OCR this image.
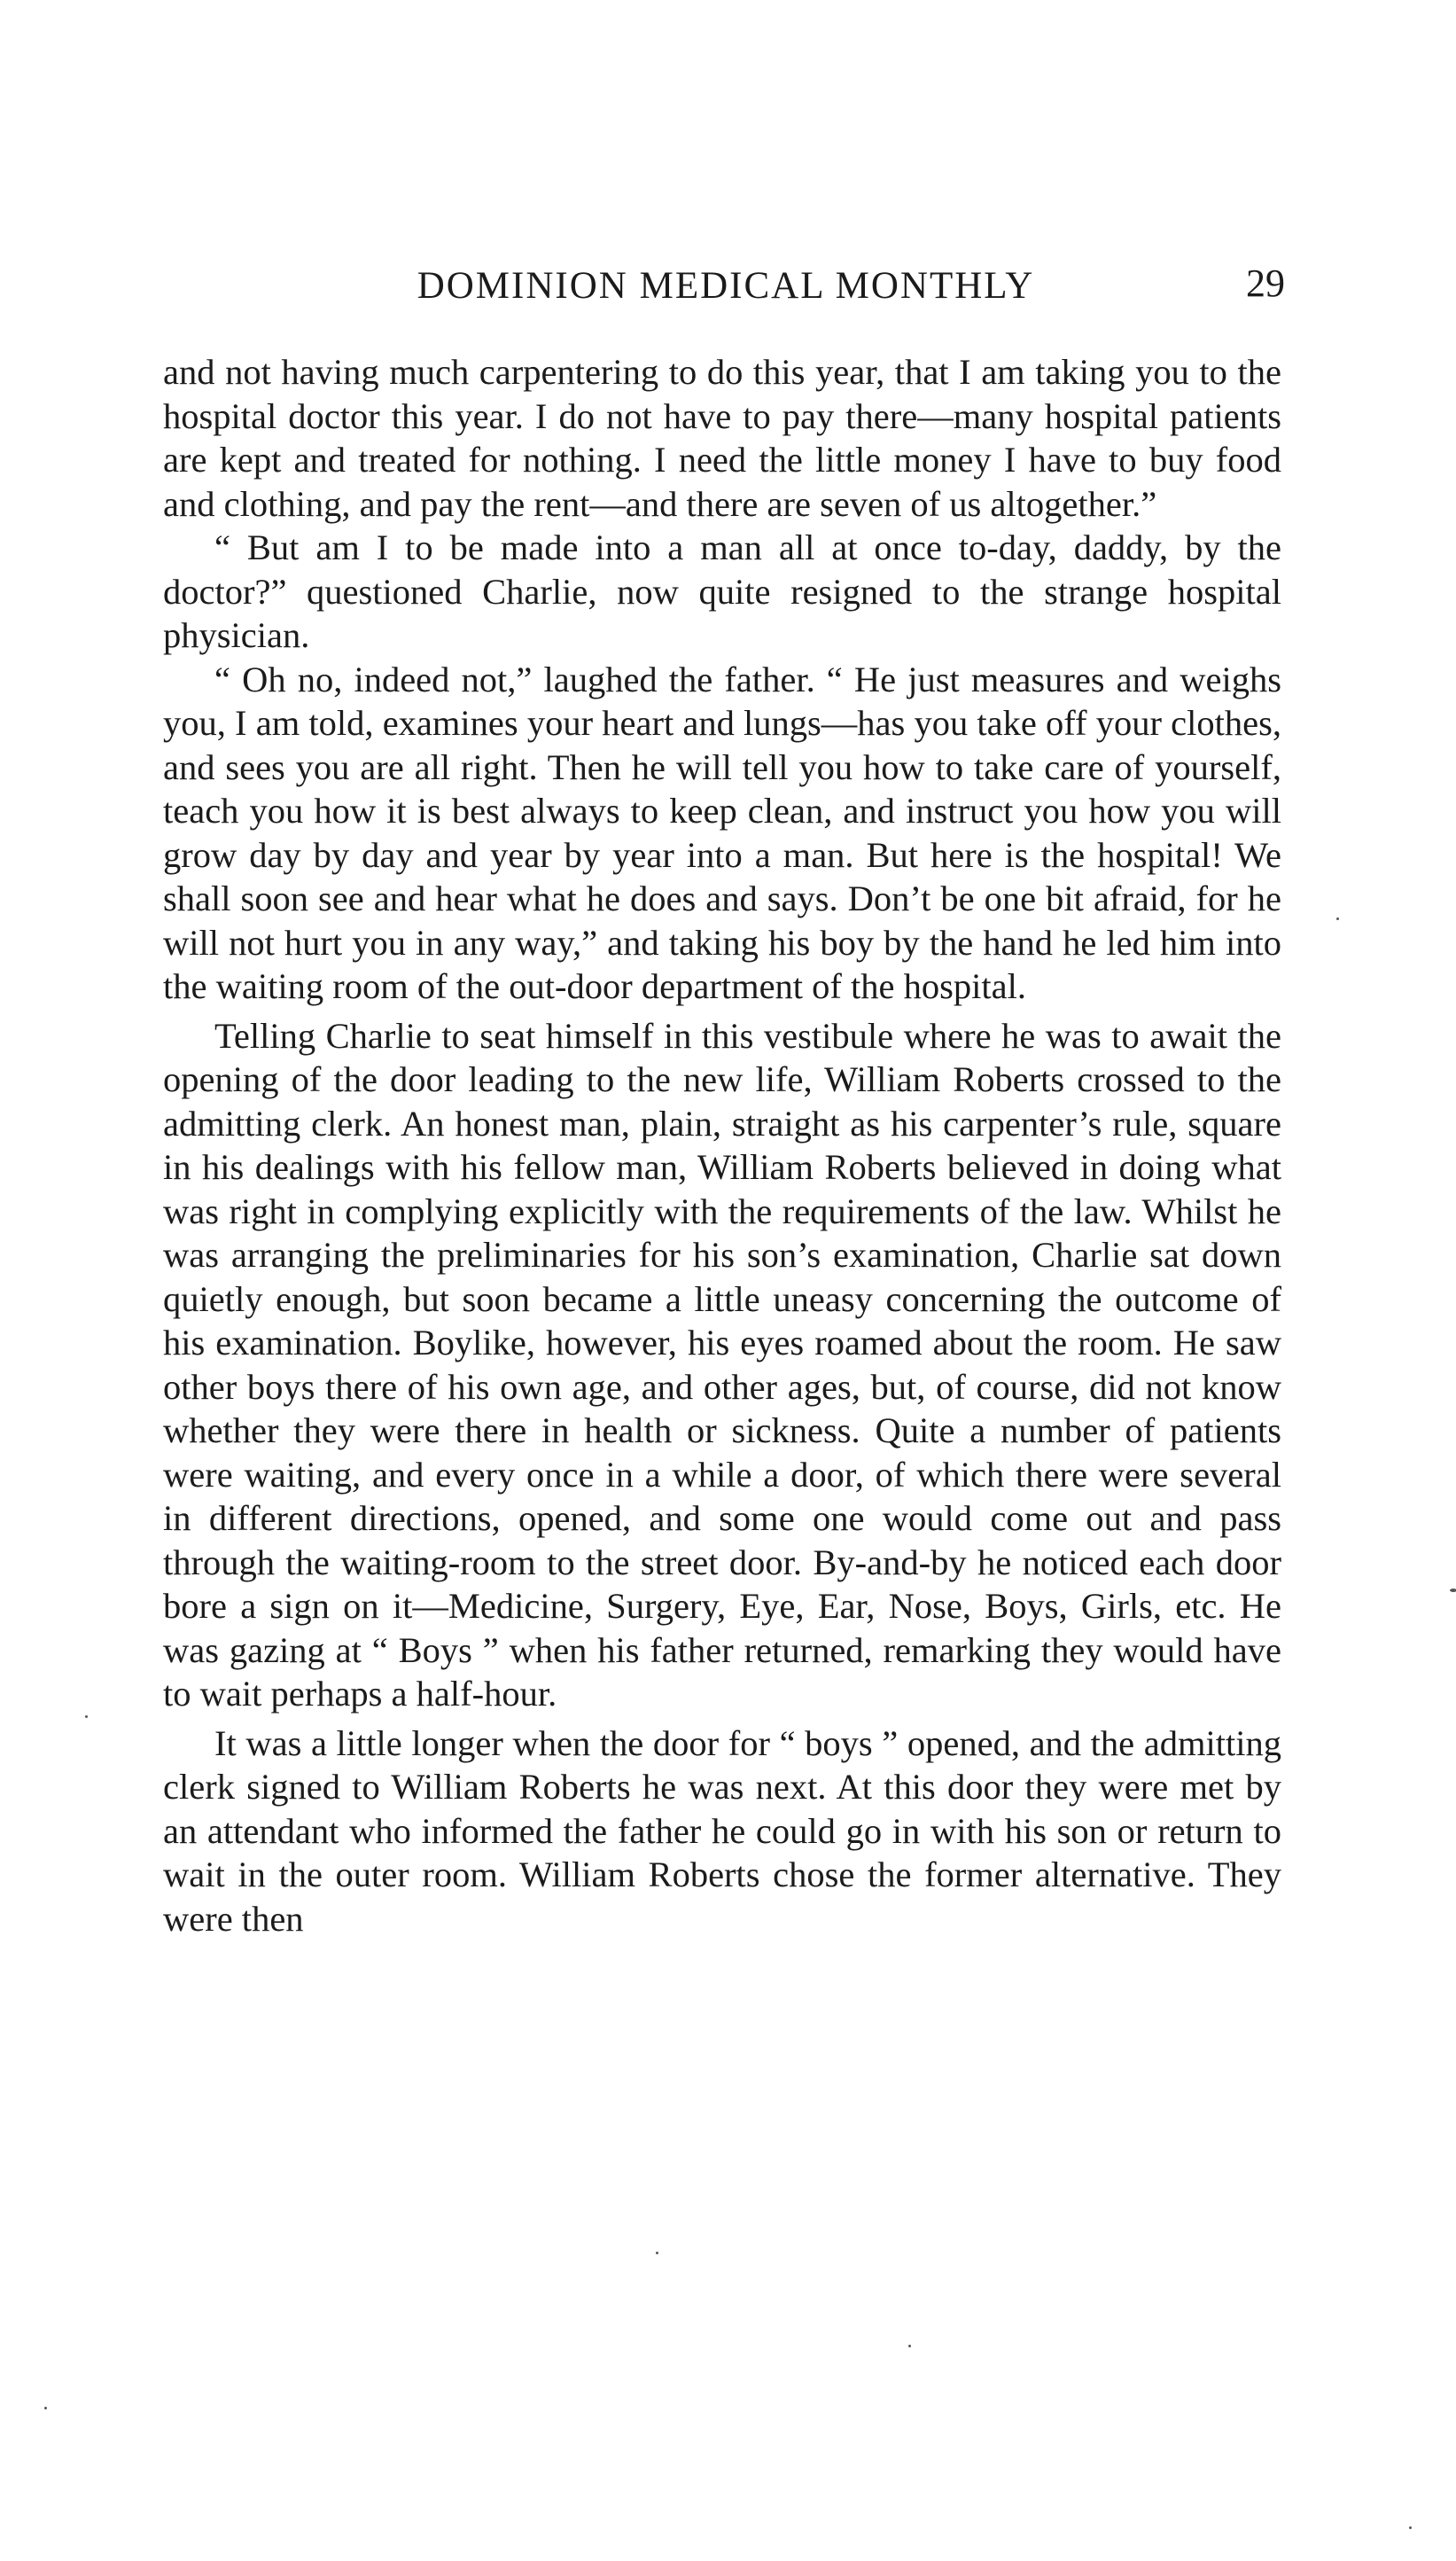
DOMINION MEDICAL MONTHLY	29

and not having much carpentering to do this year, that I am taking you to the hospital doctor this year. I do not have to pay there—many hospital patients are kept and treated for nothing. I need the little money I have to buy food and clothing, and pay the rent—and there are seven of us altogether.”

“ But am I to be made into a man all at once to-day, daddy, by the doctor?” questioned Charlie, now quite resigned to the strange hospital physician.

“ Oh no, indeed not,” laughed the father. “ He just measures and weighs you, I am told, examines your heart and lungs—has you take off your clothes, and sees you are all right. Then he will tell you how to take care of yourself, teach you how it is best always to keep clean, and instruct you how you will grow day by day and year by year into a man. But here is the hospital! We shall soon see and hear what he does and says. Don’t be one bit afraid, for he will not hurt you in any way,” and taking his boy by the hand he led him into the waiting room of the out-door department of the hospital.

Telling Charlie to seat himself in this vestibule where he was to await the opening of the door leading to the new life, William Roberts crossed to the admitting clerk. An honest man, plain, straight as his carpenter’s rule, square in his dealings with his fellow man, William Roberts believed in doing what was right in complying explicitly with the requirements of the law. Whilst he was arranging the preliminaries for his son’s examination, Charlie sat down quietly enough, but soon became a little uneasy concerning the outcome of his examination. Boylike, however, his eyes roamed about the room. He saw other boys there of his own age, and other ages, but, of course, did not know whether they were there in health or sickness. Quite a number of patients were waiting, and every once in a while a door, of which there were several in different directions, opened, and some one would come out and pass through the waiting-room to the street door. By-and-by he noticed each door bore a sign on it—Medicine, Surgery, Eye, Ear, Nose, Boys, Girls, etc. He was gazing at “ Boys ” when his father returned, remarking they would have to wait perhaps a half-hour.

It was a little longer when the door for “ boys ” opened, and the admitting clerk signed to William Roberts he was next. At this door they were met by an attendant who informed the father he could go in with his son or return to wait in the outer room. William Roberts chose the former alternative. They were then
